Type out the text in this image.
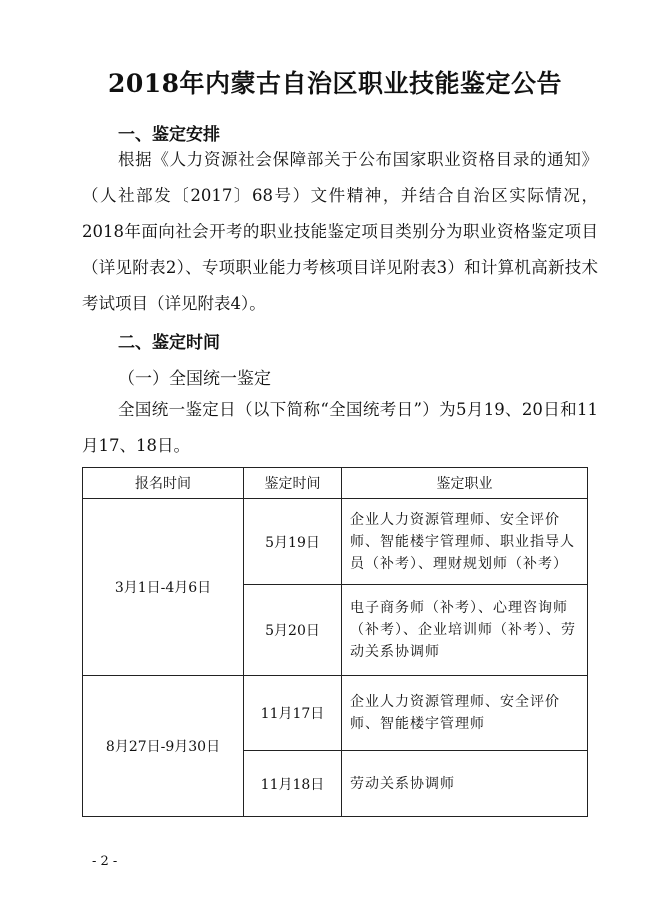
2018年内蒙古自治区职业技能鉴定公告
一、鉴定安排
根据《人力资源社会保障部关于公布国家职业资格目录的通知》（人社部发〔2017〕68号）文件精神，并结合自治区实际情况，2018年面向社会开考的职业技能鉴定项目类别分为职业资格鉴定项目（详见附表2）、专项职业能力考核项目详见附表3）和计算机高新技术考试项目（详见附表4）。
二、鉴定时间
（一）全国统一鉴定
全国统一鉴定日（以下简称“全国统考日”）为5月19、20日和11月17、18日。
报名时间	鉴定时间	鉴定职业
3月1日-4月6日	5月19日	企业人力资源管理师、安全评价师、智能楼宇管理师、职业指导人员（补考）、理财规划师（补考）
	5月20日	电子商务师（补考）、心理咨询师（补考）、企业培训师（补考）、劳动关系协调师
8月27日-9月30日	11月17日	企业人力资源管理师、安全评价师、智能楼宇管理师
	11月18日	劳动关系协调师
- 2 -
